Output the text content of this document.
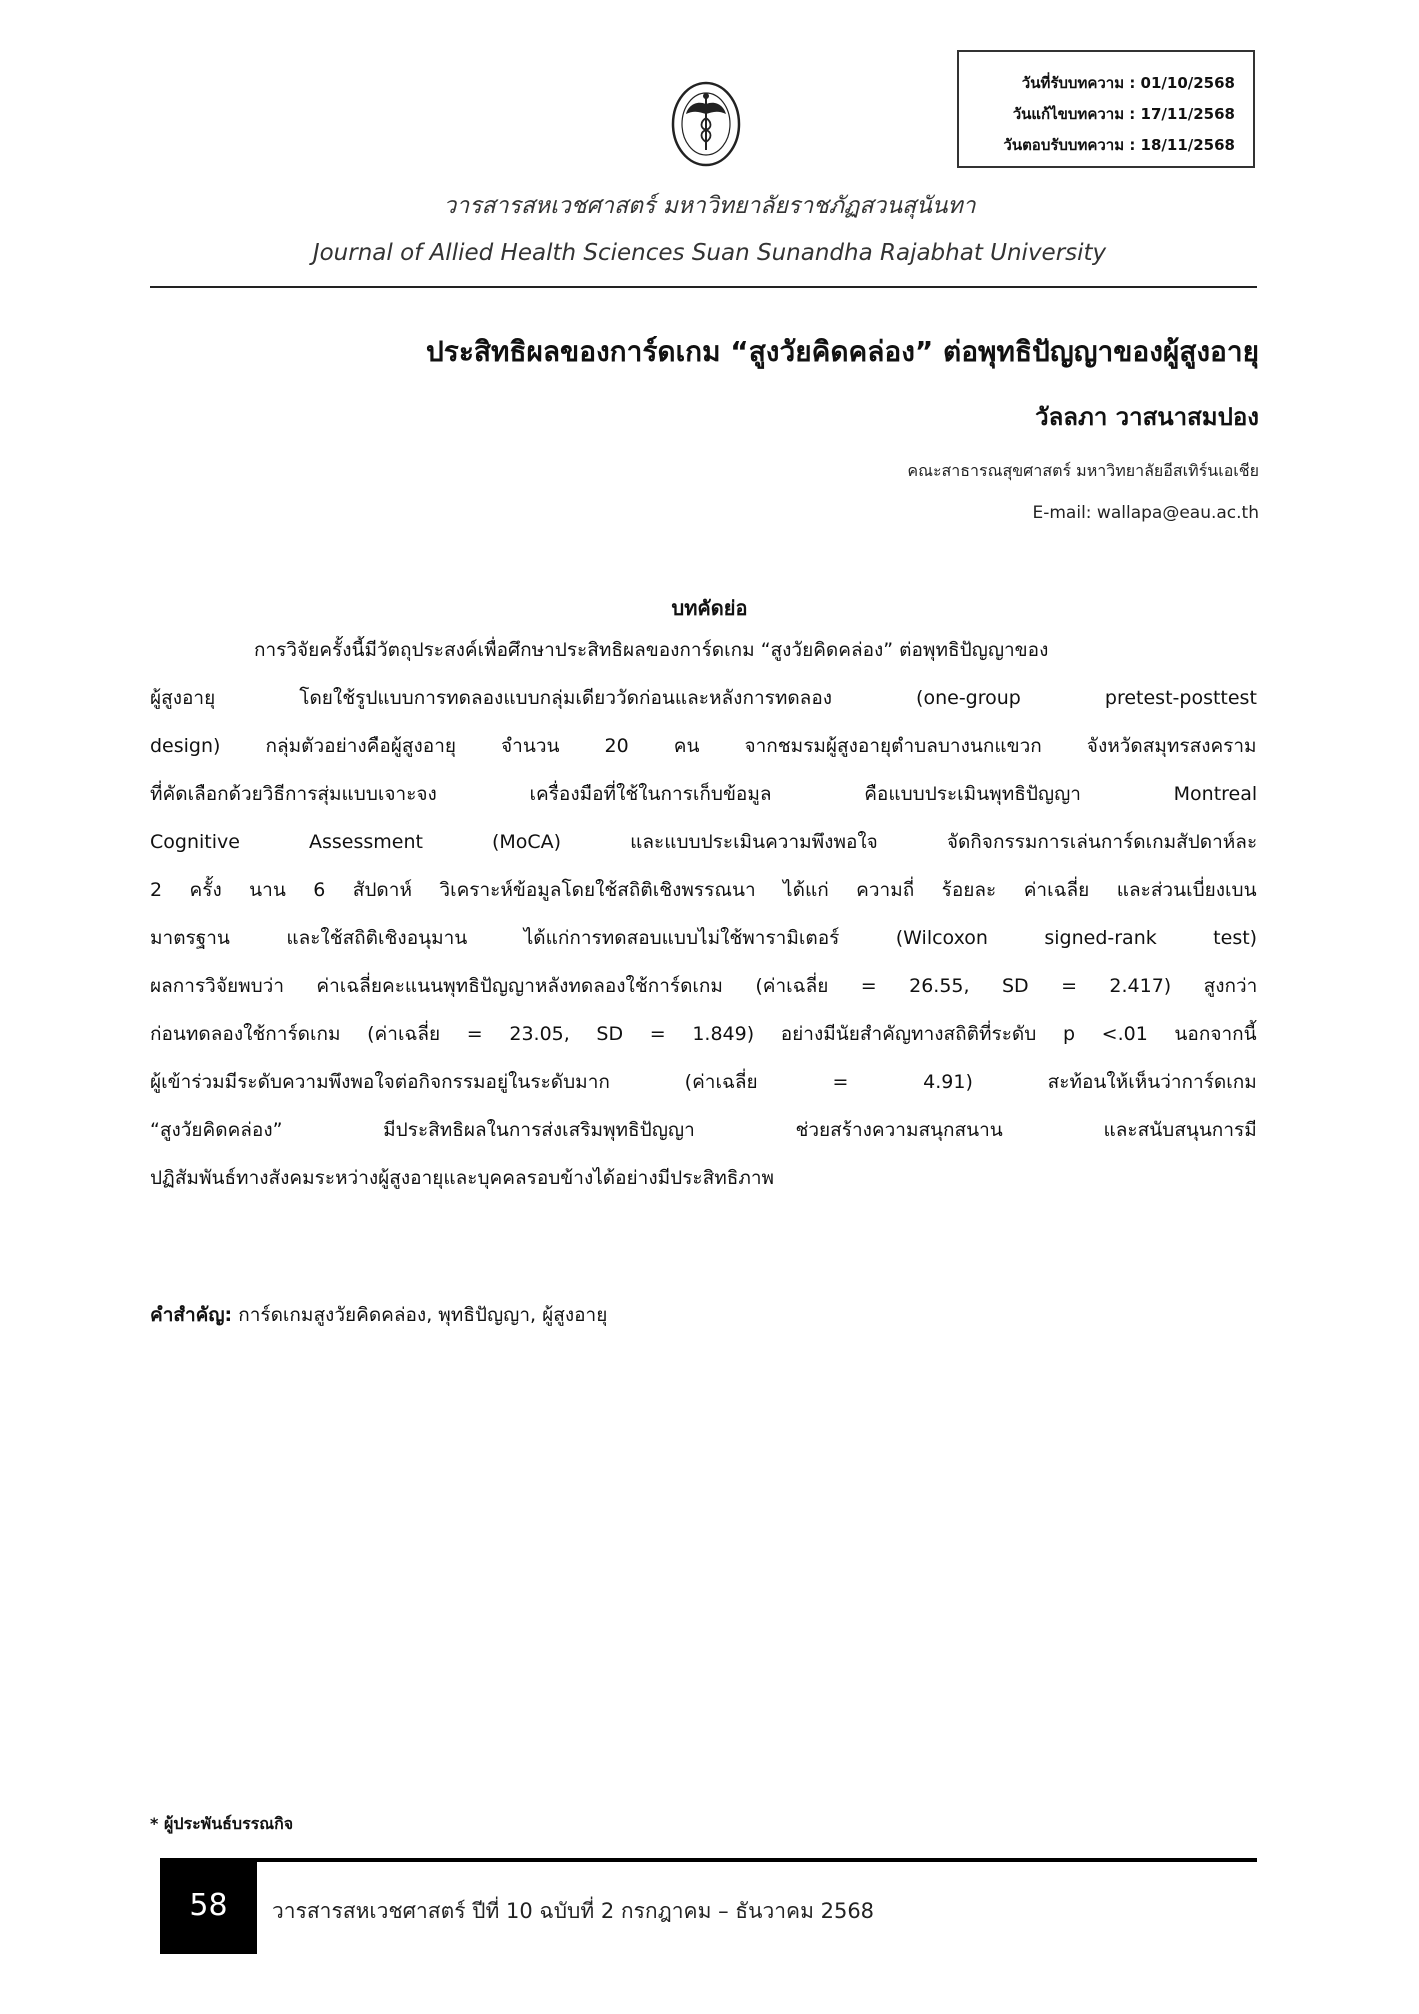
วันที่รับบทความ : 01/10/2568
วันแก้ไขบทความ : 17/11/2568
วันตอบรับบทความ : 18/11/2568
วารสารสหเวชศาสตร์ มหาวิทยาลัยราชภัฏสวนสุนันทา
Journal of Allied Health Sciences Suan Sunandha Rajabhat University
ประสิทธิผลของการ์ดเกม “สูงวัยคิดคล่อง” ต่อพุทธิปัญญาของผู้สูงอายุ
วัลลภา วาสนาสมปอง
คณะสาธารณสุขศาสตร์ มหาวิทยาลัยอีสเทิร์นเอเชีย
E-mail: wallapa@eau.ac.th
บทคัดย่อ
การวิจัยครั้งนี้มีวัตถุประสงค์เพื่อศึกษาประสิทธิผลของการ์ดเกม “สูงวัยคิดคล่อง” ต่อพุทธิปัญญาของ
ผู้สูงอายุ โดยใช้รูปแบบการทดลองแบบกลุ่มเดียววัดก่อนและหลังการทดลอง (one-group pretest-posttest
design) กลุ่มตัวอย่างคือผู้สูงอายุ จำนวน 20 คน จากชมรมผู้สูงอายุตำบลบางนกแขวก จังหวัดสมุทรสงคราม
ที่คัดเลือกด้วยวิธีการสุ่มแบบเจาะจง เครื่องมือที่ใช้ในการเก็บข้อมูล คือแบบประเมินพุทธิปัญญา Montreal
Cognitive Assessment (MoCA) และแบบประเมินความพึงพอใจ จัดกิจกรรมการเล่นการ์ดเกมสัปดาห์ละ
2 ครั้ง นาน 6 สัปดาห์ วิเคราะห์ข้อมูลโดยใช้สถิติเชิงพรรณนา ได้แก่ ความถี่ ร้อยละ ค่าเฉลี่ย และส่วนเบี่ยงเบน
มาตรฐาน และใช้สถิติเชิงอนุมาน ได้แก่การทดสอบแบบไม่ใช้พารามิเตอร์ (Wilcoxon signed-rank test)
ผลการวิจัยพบว่า ค่าเฉลี่ยคะแนนพุทธิปัญญาหลังทดลองใช้การ์ดเกม (ค่าเฉลี่ย = 26.55, SD = 2.417) สูงกว่า
ก่อนทดลองใช้การ์ดเกม (ค่าเฉลี่ย = 23.05, SD = 1.849) อย่างมีนัยสำคัญทางสถิติที่ระดับ p <.01 นอกจากนี้
ผู้เข้าร่วมมีระดับความพึงพอใจต่อกิจกรรมอยู่ในระดับมาก (ค่าเฉลี่ย = 4.91) สะท้อนให้เห็นว่าการ์ดเกม
“สูงวัยคิดคล่อง” มีประสิทธิผลในการส่งเสริมพุทธิปัญญา ช่วยสร้างความสนุกสนาน และสนับสนุนการมี
ปฏิสัมพันธ์ทางสังคมระหว่างผู้สูงอายุและบุคคลรอบข้างได้อย่างมีประสิทธิภาพ
คำสำคัญ: การ์ดเกมสูงวัยคิดคล่อง, พุทธิปัญญา, ผู้สูงอายุ
* ผู้ประพันธ์บรรณกิจ
58	วารสารสหเวชศาสตร์ ปีที่ 10 ฉบับที่ 2 กรกฎาคม – ธันวาคม 2568
